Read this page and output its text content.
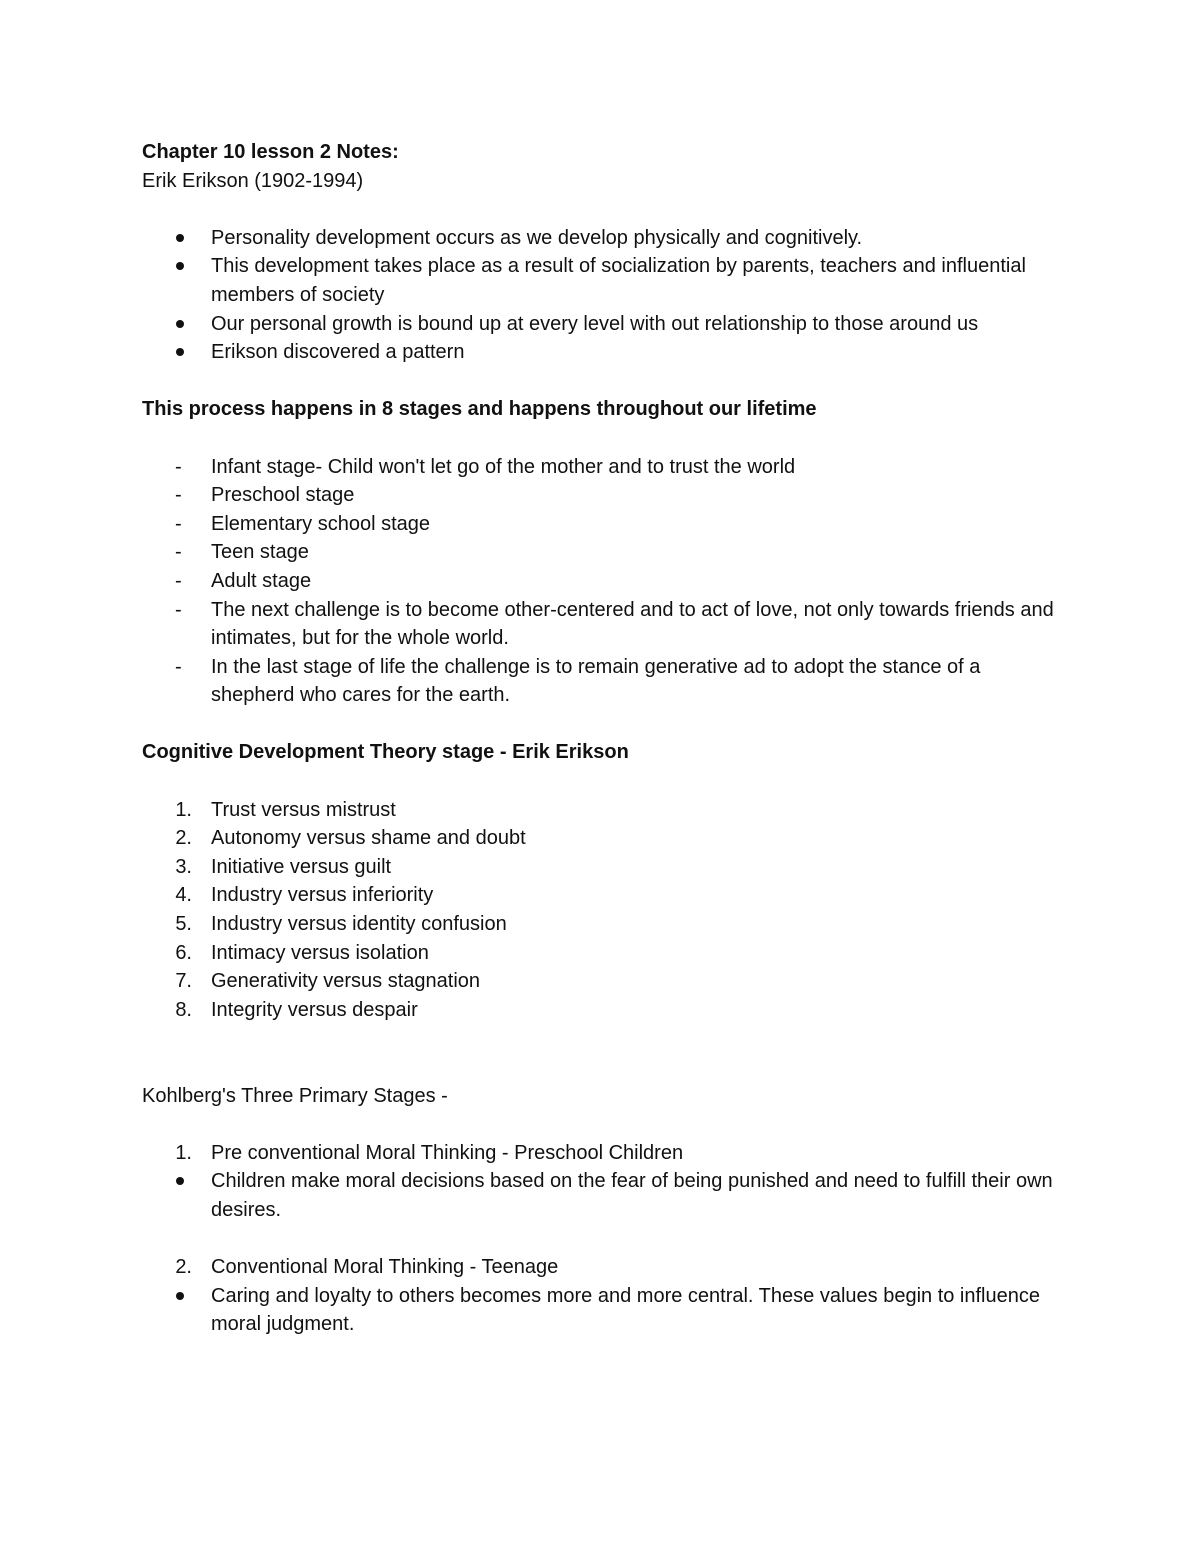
Chapter 10 lesson 2 Notes:

Erik Erikson (1902-1994)

Personality development occurs as we develop physically and cognitively.
This development takes place as a result of socialization by parents, teachers and influential members of society
Our personal growth is bound up at every level with out relationship to those around us
Erikson discovered a pattern

This process happens in 8 stages and happens throughout our lifetime

-	Infant stage- Child won't let go of the mother and to trust the world
-	Preschool stage
-	Elementary school stage
-	Teen stage
-	Adult stage
-	The next challenge is to become other-centered and to act of love, not only towards friends and intimates, but for the whole world.
-	In the last stage of life the challenge is to remain generative ad to adopt the stance of a shepherd who cares for the earth.

Cognitive Development Theory stage - Erik Erikson

1. Trust versus mistrust
2. Autonomy versus shame and doubt
3. Initiative versus guilt
4. Industry versus inferiority
5. Industry versus identity confusion
6. Intimacy versus isolation
7. Generativity versus stagnation
8. Integrity versus despair

Kohlberg's Three Primary Stages -

1. Pre conventional Moral Thinking - Preschool Children
Children make moral decisions based on the fear of being punished and need to fulfill their own desires.
2. Conventional Moral Thinking - Teenage
Caring and loyalty to others becomes more and more central. These values begin to influence moral judgment.
